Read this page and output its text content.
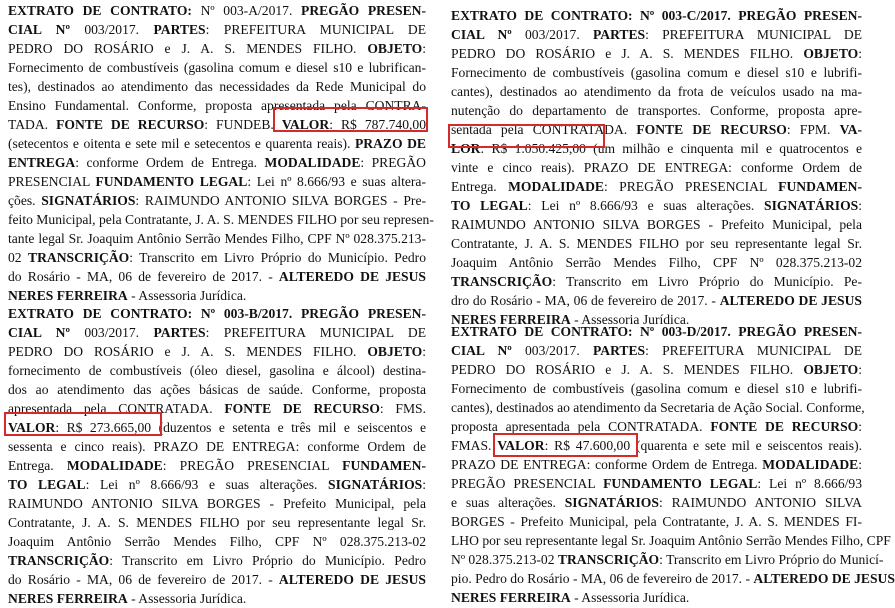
EXTRATO DE CONTRATO: Nº 003-A/2017. PREGÃO PRESEN-
CIAL Nº 003/2017. PARTES: PREFEITURA MUNICIPAL DE
PEDRO DO ROSÁRIO e J. A. S. MENDES FILHO. OBJETO:
Fornecimento de combustíveis (gasolina comum e diesel s10 e lubrifican-
tes), destinados ao atendimento das necessidades da Rede Municipal do
Ensino Fundamental. Conforme, proposta apresentada pela CONTRA-
TADA. FONTE DE RECURSO: FUNDEB. VALOR: R$ 787.740,00
(setecentos e oitenta e sete mil e setecentos e quarenta reais). PRAZO DE
ENTREGA: conforme Ordem de Entrega. MODALIDADE: PREGÃO
PRESENCIAL FUNDAMENTO LEGAL: Lei nº 8.666/93 e suas altera-
ções. SIGNATÁRIOS: RAIMUNDO ANTONIO SILVA BORGES - Pre-
feito Municipal, pela Contratante, J. A. S. MENDES FILHO por seu represen-
tante legal Sr. Joaquim Antônio Serrão Mendes Filho, CPF Nº 028.375.213-
02 TRANSCRIÇÃO: Transcrito em Livro Próprio do Município. Pedro
do Rosário - MA, 06 de fevereiro de 2017. - ALTEREDO DE JESUS
NERES FERREIRA - Assessoria Jurídica.
EXTRATO DE CONTRATO: Nº 003-B/2017. PREGÃO PRESEN-
CIAL Nº 003/2017. PARTES: PREFEITURA MUNICIPAL DE
PEDRO DO ROSÁRIO e J. A. S. MENDES FILHO. OBJETO:
fornecimento de combustíveis (óleo diesel, gasolina e álcool) destina-
dos ao atendimento das ações básicas de saúde. Conforme, proposta
apresentada pela CONTRATADA. FONTE DE RECURSO: FMS.
VALOR: R$ 273.665,00 (duzentos e setenta e três mil e seiscentos e
sessenta e cinco reais). PRAZO DE ENTREGA: conforme Ordem de
Entrega. MODALIDADE: PREGÃO PRESENCIAL FUNDAMEN-
TO LEGAL: Lei nº 8.666/93 e suas alterações. SIGNATÁRIOS:
RAIMUNDO ANTONIO SILVA BORGES - Prefeito Municipal, pela
Contratante, J. A. S. MENDES FILHO por seu representante legal Sr.
Joaquim Antônio Serrão Mendes Filho, CPF Nº 028.375.213-02
TRANSCRIÇÃO: Transcrito em Livro Próprio do Município. Pedro
do Rosário - MA, 06 de fevereiro de 2017. - ALTEREDO DE JESUS
NERES FERREIRA - Assessoria Jurídica.
EXTRATO DE CONTRATO: Nº 003-C/2017. PREGÃO PRESEN-
CIAL Nº 003/2017. PARTES: PREFEITURA MUNICIPAL DE
PEDRO DO ROSÁRIO e J. A. S. MENDES FILHO. OBJETO:
Fornecimento de combustíveis (gasolina comum e diesel s10 e lubrifi-
cantes), destinados ao atendimento da frota de veículos usado na ma-
nutenção do departamento de transportes. Conforme, proposta apre-
sentada pela CONTRATADA. FONTE DE RECURSO: FPM. VA-
LOR: R$ 1.050.425,00 (um milhão e cinquenta mil e quatrocentos e
vinte e cinco reais). PRAZO DE ENTREGA: conforme Ordem de
Entrega. MODALIDADE: PREGÃO PRESENCIAL FUNDAMEN-
TO LEGAL: Lei nº 8.666/93 e suas alterações. SIGNATÁRIOS:
RAIMUNDO ANTONIO SILVA BORGES - Prefeito Municipal, pela
Contratante, J. A. S. MENDES FILHO por seu representante legal Sr.
Joaquim Antônio Serrão Mendes Filho, CPF Nº 028.375.213-02
TRANSCRIÇÃO: Transcrito em Livro Próprio do Município. Pe-
dro do Rosário - MA, 06 de fevereiro de 2017. - ALTEREDO DE JESUS
NERES FERREIRA - Assessoria Jurídica.
EXTRATO DE CONTRATO: Nº 003-D/2017. PREGÃO PRESEN-
CIAL Nº 003/2017. PARTES: PREFEITURA MUNICIPAL DE
PEDRO DO ROSÁRIO e J. A. S. MENDES FILHO. OBJETO:
Fornecimento de combustíveis (gasolina comum e diesel s10 e lubrifi-
cantes), destinados ao atendimento da Secretaria de Ação Social. Conforme,
proposta apresentada pela CONTRATADA. FONTE DE RECURSO:
FMAS. VALOR: R$ 47.600,00 (quarenta e sete mil e seiscentos reais).
PRAZO DE ENTREGA: conforme Ordem de Entrega. MODALIDADE:
PREGÃO PRESENCIAL FUNDAMENTO LEGAL: Lei nº 8.666/93
e suas alterações. SIGNATÁRIOS: RAIMUNDO ANTONIO SILVA
BORGES - Prefeito Municipal, pela Contratante, J. A. S. MENDES FI-
LHO por seu representante legal Sr. Joaquim Antônio Serrão Mendes Filho, CPF
Nº 028.375.213-02 TRANSCRIÇÃO: Transcrito em Livro Próprio do Municí-
pio. Pedro do Rosário - MA, 06 de fevereiro de 2017. - ALTEREDO DE JESUS
NERES FERREIRA - Assessoria Jurídica.
